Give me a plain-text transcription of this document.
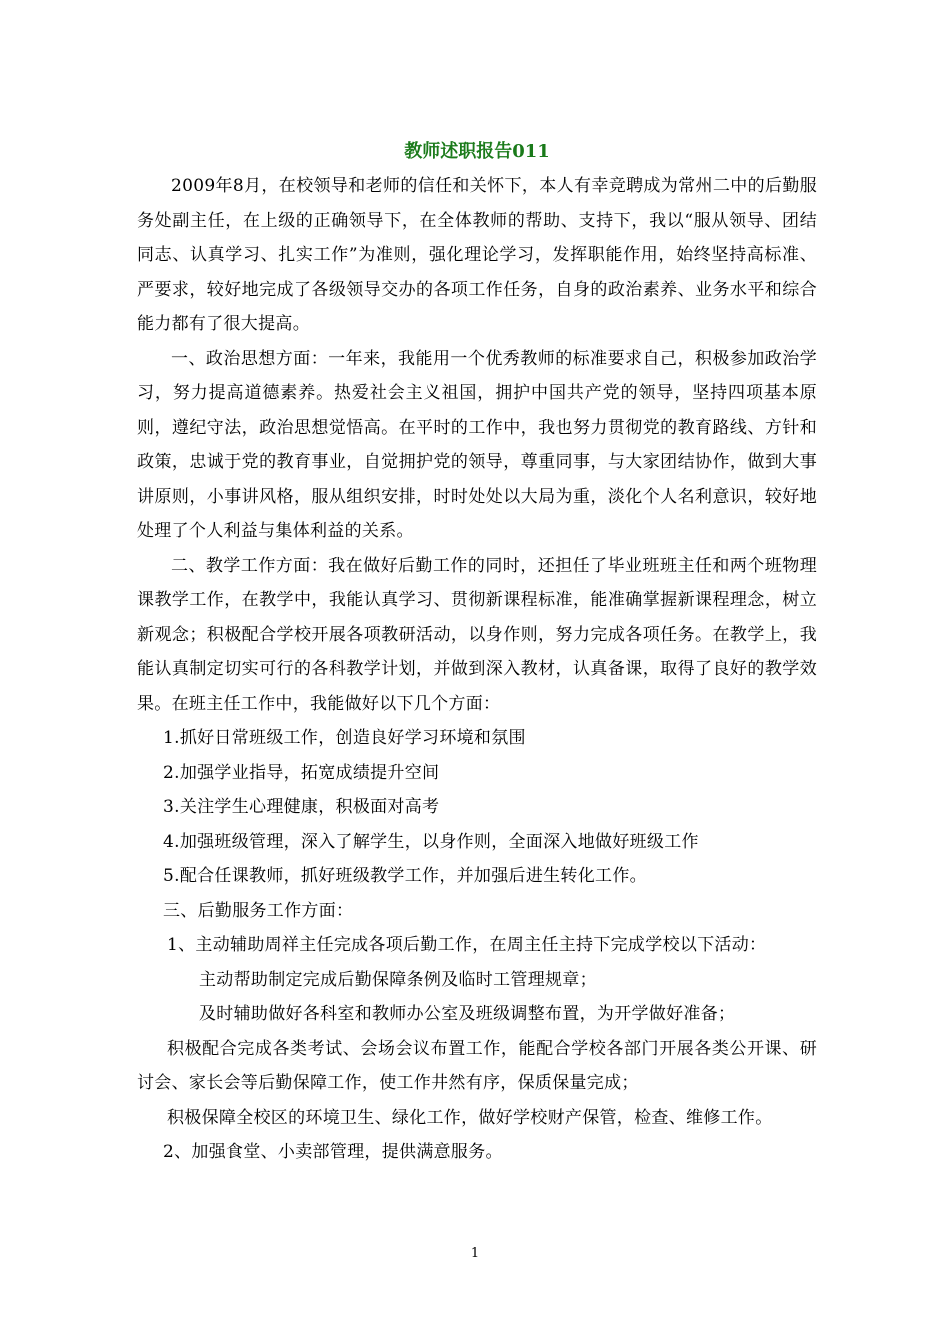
教师述职报告011

2009年8月，在校领导和老师的信任和关怀下，本人有幸竞聘成为常州二中的后勤服务处副主任，在上级的正确领导下，在全体教师的帮助、支持下，我以“服从领导、团结同志、认真学习、扎实工作”为准则，强化理论学习，发挥职能作用，始终坚持高标准、严要求，较好地完成了各级领导交办的各项工作任务，自身的政治素养、业务水平和综合能力都有了很大提高。

一、政治思想方面：一年来，我能用一个优秀教师的标准要求自己，积极参加政治学习，努力提高道德素养。热爱社会主义祖国，拥护中国共产党的领导，坚持四项基本原则，遵纪守法，政治思想觉悟高。在平时的工作中，我也努力贯彻党的教育路线、方针和政策，忠诚于党的教育事业，自觉拥护党的领导，尊重同事，与大家团结协作，做到大事讲原则，小事讲风格，服从组织安排，时时处处以大局为重，淡化个人名利意识，较好地处理了个人利益与集体利益的关系。

二、教学工作方面：我在做好后勤工作的同时，还担任了毕业班班主任和两个班物理课教学工作，在教学中，我能认真学习、贯彻新课程标准，能准确掌握新课程理念，树立新观念；积极配合学校开展各项教研活动，以身作则，努力完成各项任务。在教学上，我能认真制定切实可行的各科教学计划，并做到深入教材，认真备课，取得了良好的教学效果。在班主任工作中，我能做好以下几个方面：

1.抓好日常班级工作，创造良好学习环境和氛围

2.加强学业指导，拓宽成绩提升空间

3.关注学生心理健康，积极面对高考

4.加强班级管理，深入了解学生，以身作则，全面深入地做好班级工作

5.配合任课教师，抓好班级教学工作，并加强后进生转化工作。

三、后勤服务工作方面：

1、主动辅助周祥主任完成各项后勤工作，在周主任主持下完成学校以下活动：

主动帮助制定完成后勤保障条例及临时工管理规章；

及时辅助做好各科室和教师办公室及班级调整布置，为开学做好准备；

积极配合完成各类考试、会场会议布置工作，能配合学校各部门开展各类公开课、研讨会、家长会等后勤保障工作，使工作井然有序，保质保量完成；

积极保障全校区的环境卫生、绿化工作，做好学校财产保管，检查、维修工作。

2、加强食堂、小卖部管理，提供满意服务。

1
